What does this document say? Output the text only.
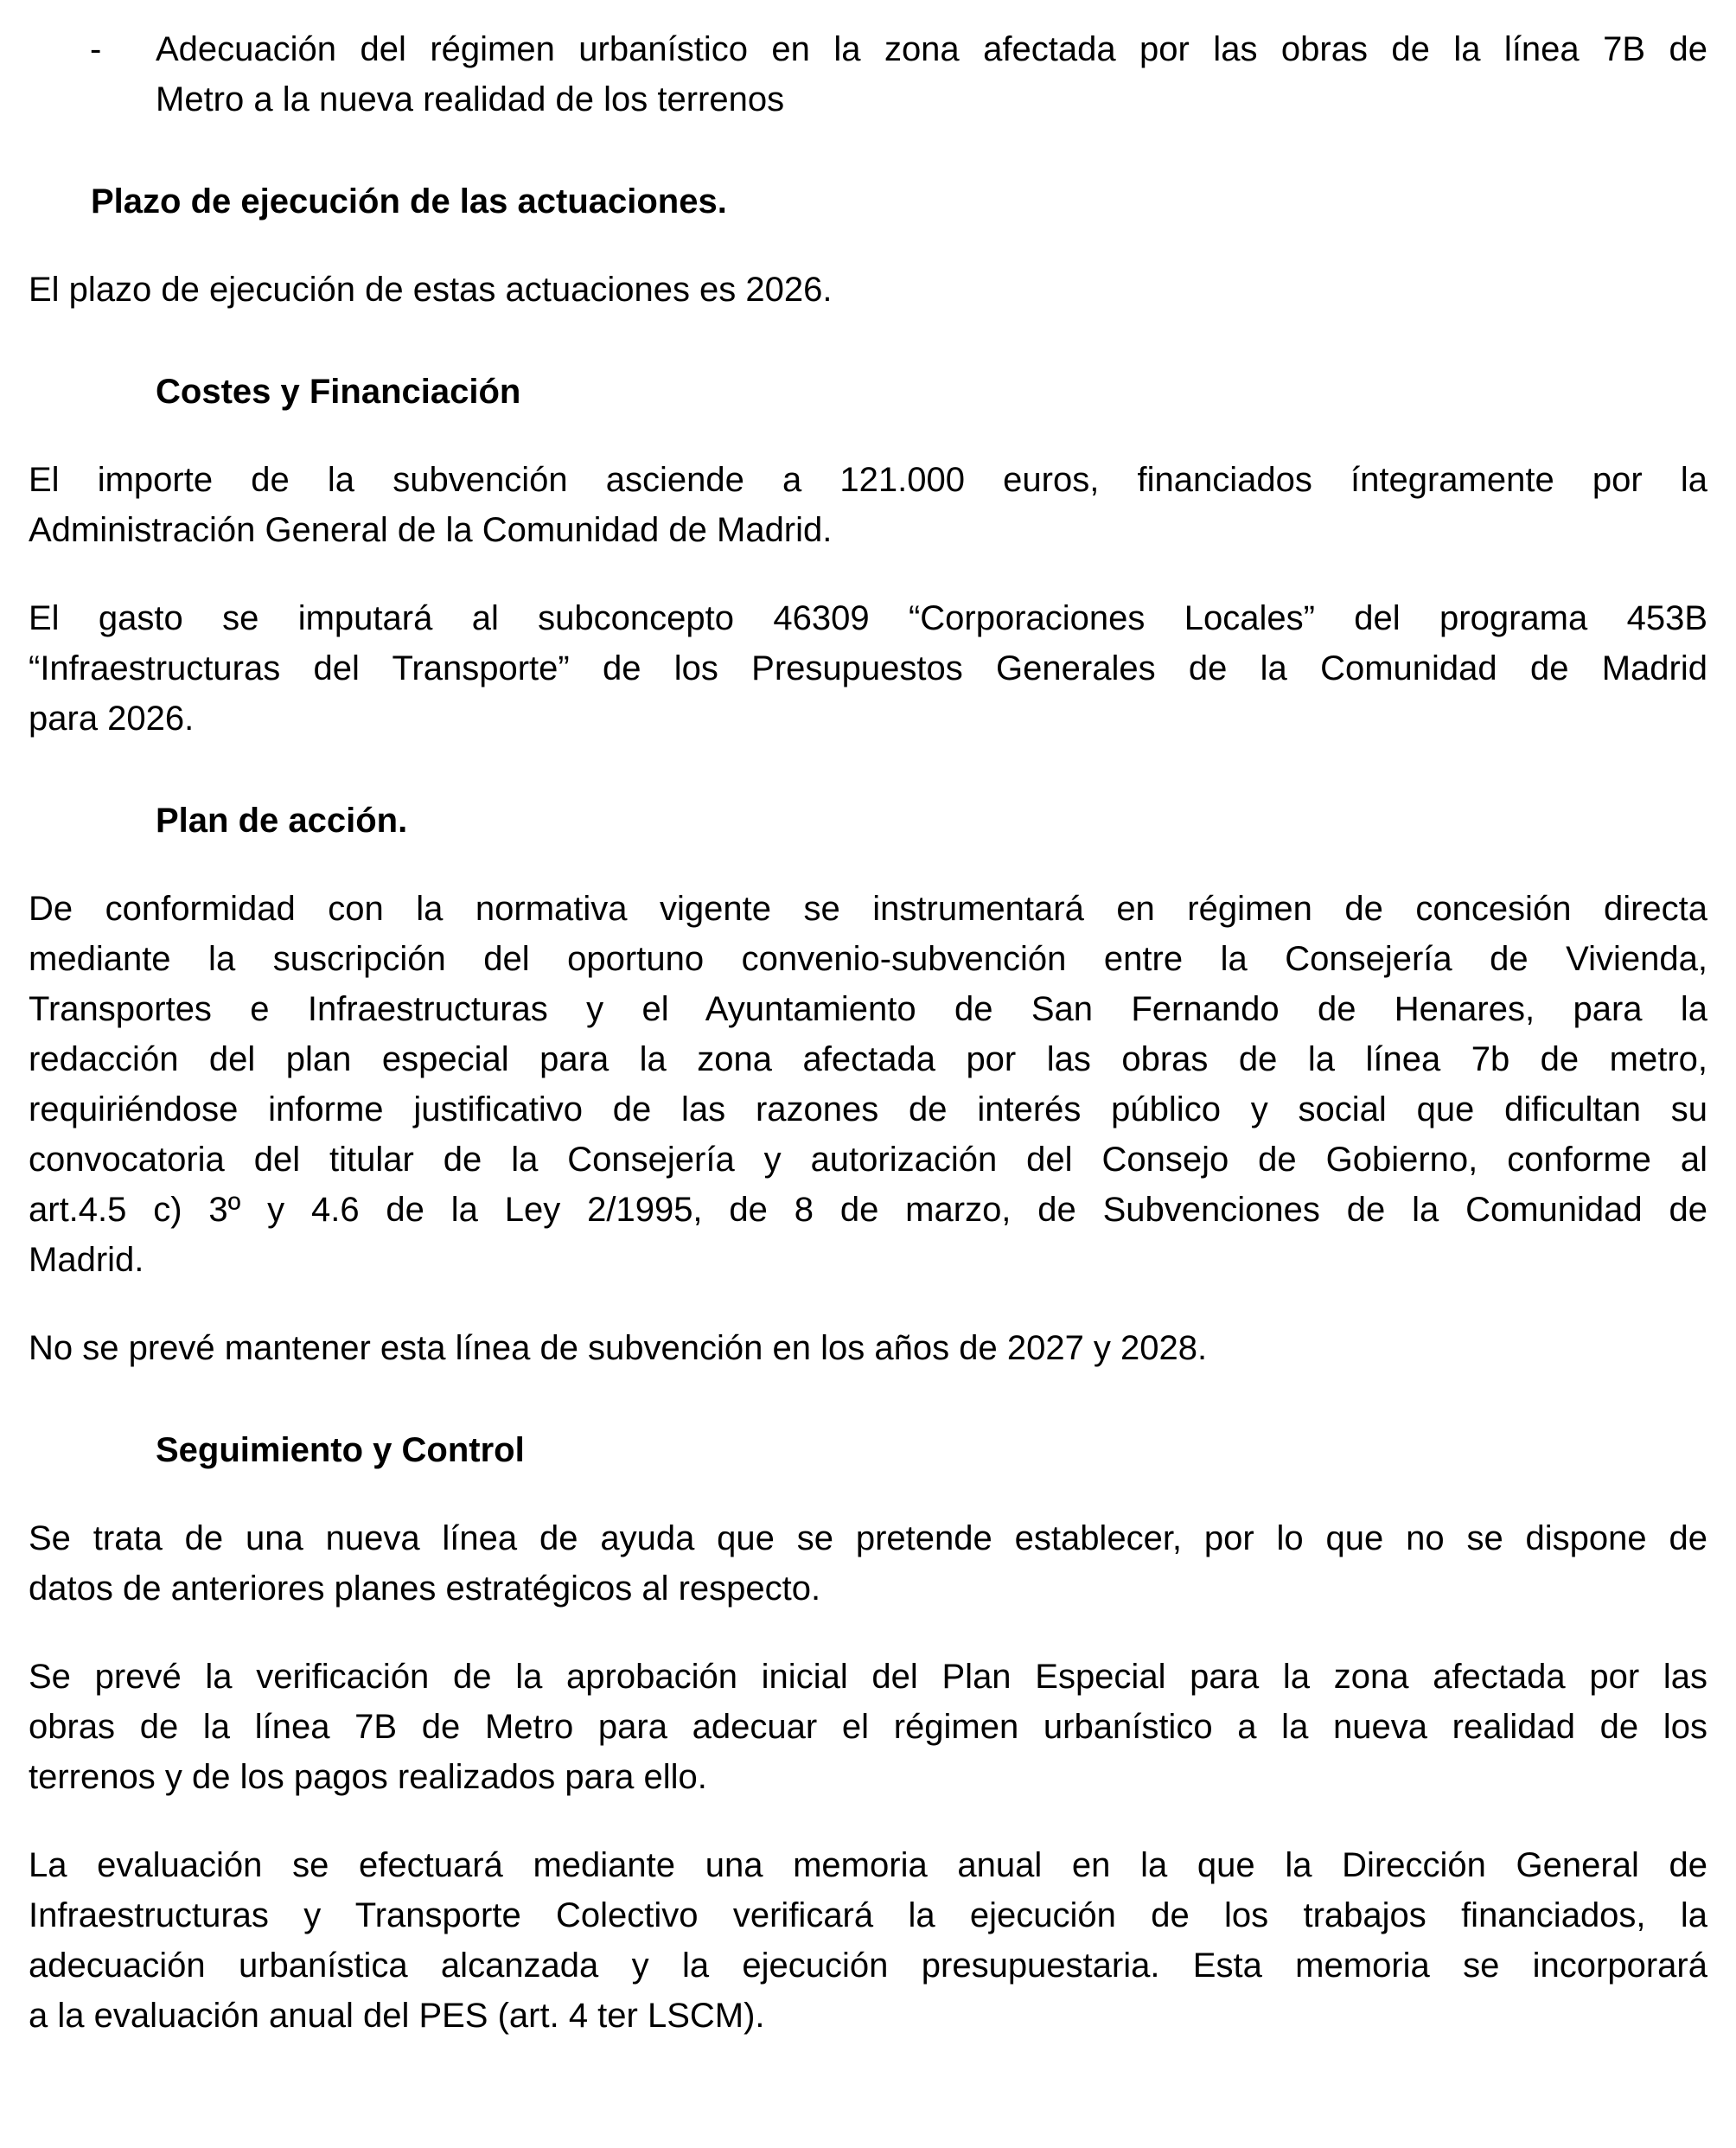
-	Adecuación del régimen urbanístico en la zona afectada por las obras de la línea 7B de
Metro a la nueva realidad de los terrenos
Plazo de ejecución de las actuaciones.
El plazo de ejecución de estas actuaciones es 2026.
Costes y Financiación
El importe de la subvención asciende a 121.000 euros, financiados íntegramente por la
Administración General de la Comunidad de Madrid.
El gasto se imputará al subconcepto 46309 “Corporaciones Locales” del programa 453B
“Infraestructuras del Transporte” de los Presupuestos Generales de la Comunidad de Madrid
para 2026.
Plan de acción.
De conformidad con la normativa vigente se instrumentará en régimen de concesión directa
mediante la suscripción del oportuno convenio-subvención entre la Consejería de Vivienda,
Transportes e Infraestructuras y el Ayuntamiento de San Fernando de Henares, para la
redacción del plan especial para la zona afectada por las obras de la línea 7b de metro,
requiriéndose informe justificativo de las razones de interés público y social que dificultan su
convocatoria del titular de la Consejería y autorización del Consejo de Gobierno, conforme al
art.4.5 c) 3º y 4.6 de la Ley 2/1995, de 8 de marzo, de Subvenciones de la Comunidad de
Madrid.
No se prevé mantener esta línea de subvención en los años de 2027 y 2028.
Seguimiento y Control
Se trata de una nueva línea de ayuda que se pretende establecer, por lo que no se dispone de
datos de anteriores planes estratégicos al respecto.
Se prevé la verificación de la aprobación inicial del Plan Especial para la zona afectada por las
obras de la línea 7B de Metro para adecuar el régimen urbanístico a la nueva realidad de los
terrenos y de los pagos realizados para ello.
La evaluación se efectuará mediante una memoria anual en la que la Dirección General de
Infraestructuras y Transporte Colectivo verificará la ejecución de los trabajos financiados, la
adecuación urbanística alcanzada y la ejecución presupuestaria. Esta memoria se incorporará
a la evaluación anual del PES (art. 4 ter LSCM).
